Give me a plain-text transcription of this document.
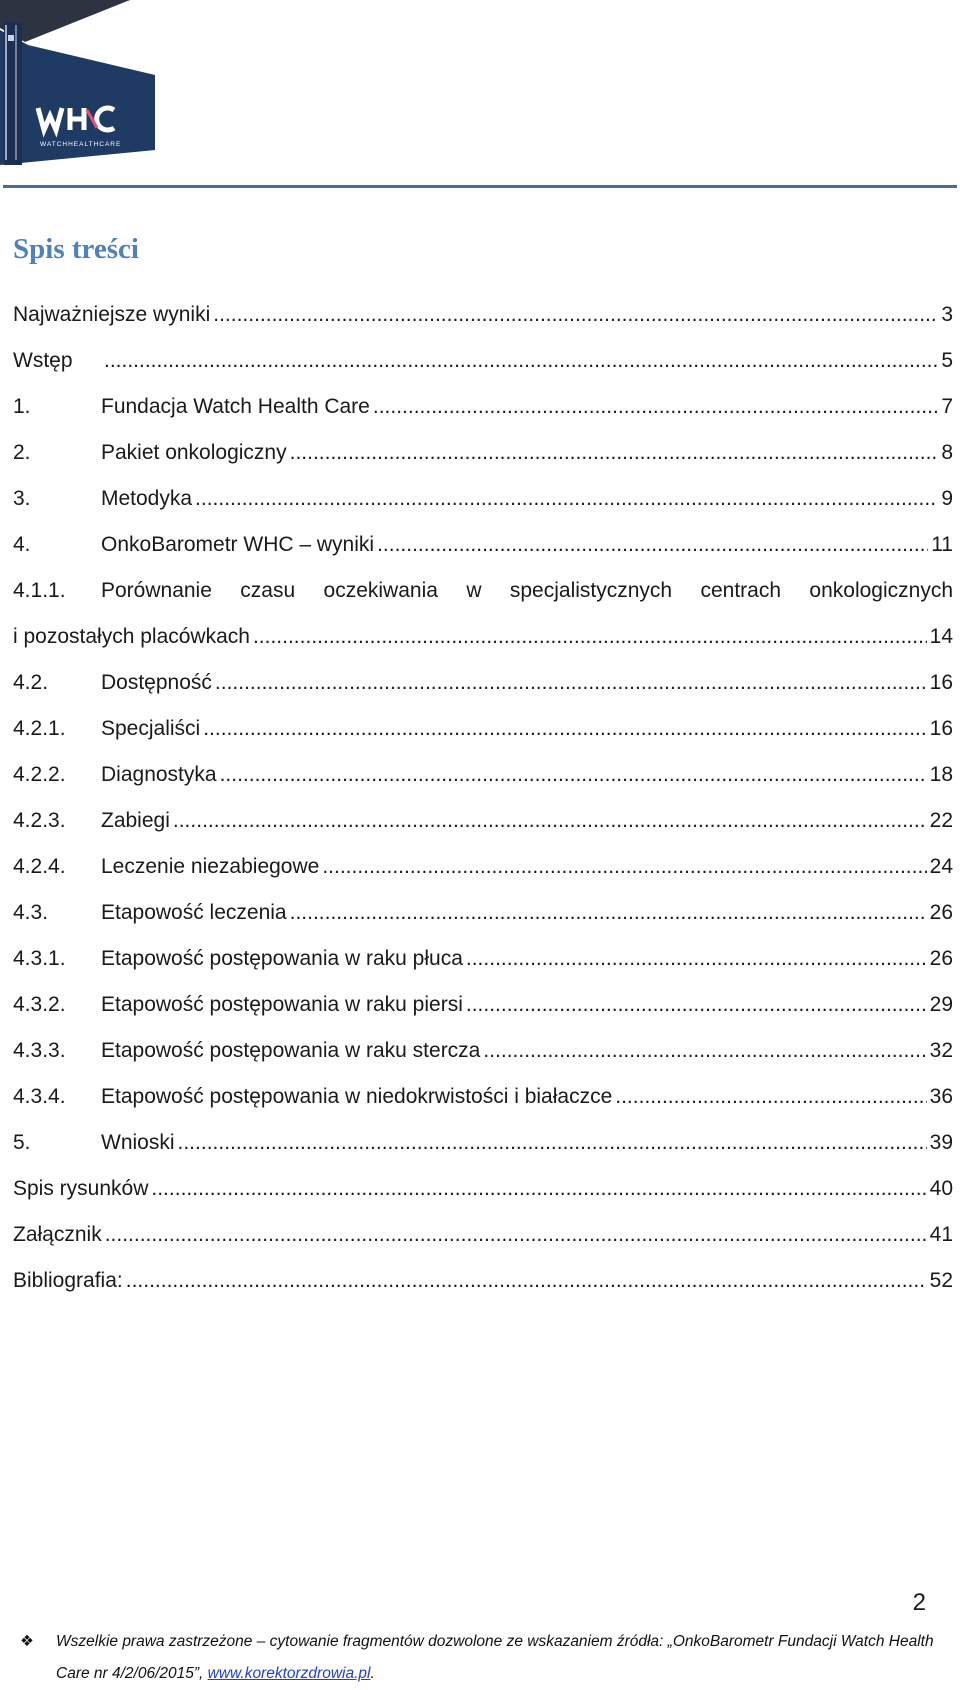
WATCHHEALTHCARE
Spis treści
Najważniejsze wyniki .....	3
Wstęp .....	5
1.	Fundacja Watch Health Care .....	7
2.	Pakiet onkologiczny .....	8
3.	Metodyka .....	9
4.	OnkoBarometr WHC – wyniki .....	11
4.1.1.	Porównanie czasu oczekiwania w specjalistycznych centrach onkologicznych
i pozostałych placówkach .....	14
4.2.	Dostępność .....	16
4.2.1.	Specjaliści .....	16
4.2.2.	Diagnostyka .....	18
4.2.3.	Zabiegi .....	22
4.2.4.	Leczenie niezabiegowe .....	24
4.3.	Etapowość leczenia .....	26
4.3.1.	Etapowość postępowania w raku płuca .....	26
4.3.2.	Etapowość postępowania w raku piersi .....	29
4.3.3.	Etapowość postępowania w raku stercza .....	32
4.3.4.	Etapowość postępowania w niedokrwistości i białaczce .....	36
5.	Wnioski .....	39
Spis rysunków .....	40
Załącznik .....	41
Bibliografia: .....	52
2
❖ Wszelkie prawa zastrzeżone – cytowanie fragmentów dozwolone ze wskazaniem źródła: „OnkoBarometr Fundacji Watch Health
Care nr 4/2/06/2015”, www.korektorzdrowia.pl.
